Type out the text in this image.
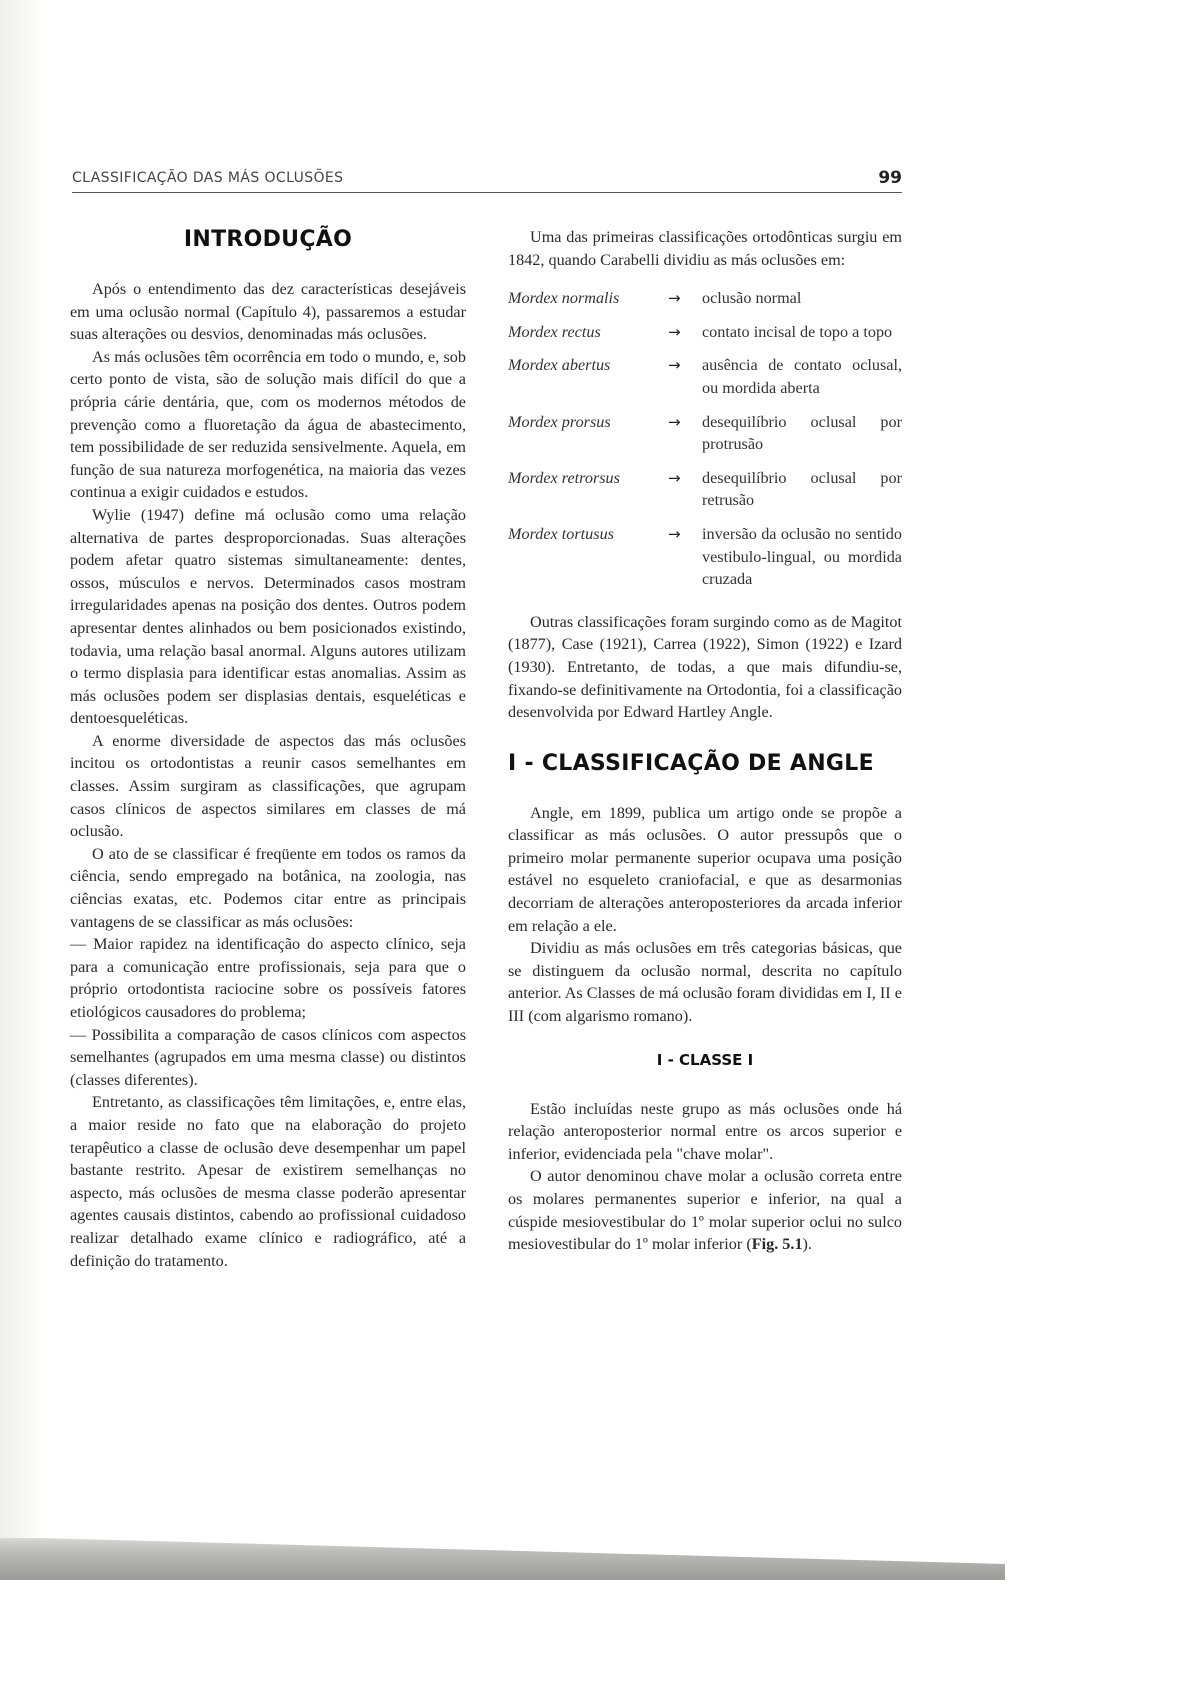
CLASSIFICAÇÃO DAS MÁS OCLUSÕES	99
INTRODUÇÃO

Após o entendimento das dez características desejáveis em uma oclusão normal (Capítulo 4), passaremos a estudar suas alterações ou desvios, denominadas más oclusões.

As más oclusões têm ocorrência em todo o mundo, e, sob certo ponto de vista, são de solução mais difícil do que a própria cárie dentária, que, com os modernos métodos de prevenção como a fluoretação da água de abastecimento, tem possibilidade de ser reduzida sensivelmente. Aquela, em função de sua natureza morfogenética, na maioria das vezes continua a exigir cuidados e estudos.

Wylie (1947) define má oclusão como uma relação alternativa de partes desproporcionadas. Suas alterações podem afetar quatro sistemas simultaneamente: dentes, ossos, músculos e nervos. Determinados casos mostram irregularidades apenas na posição dos dentes. Outros podem apresentar dentes alinhados ou bem posicionados existindo, todavia, uma relação basal anormal. Alguns autores utilizam o termo displasia para identificar estas anomalias. Assim as más oclusões podem ser displasias dentais, esqueléticas e dentoesqueléticas.

A enorme diversidade de aspectos das más oclusões incitou os ortodontistas a reunir casos semelhantes em classes. Assim surgiram as classificações, que agrupam casos clínicos de aspectos similares em classes de má oclusão.

O ato de se classificar é freqüente em todos os ramos da ciência, sendo empregado na botânica, na zoologia, nas ciências exatas, etc. Podemos citar entre as principais vantagens de se classificar as más oclusões:

— Maior rapidez na identificação do aspecto clínico, seja para a comunicação entre profissionais, seja para que o próprio ortodontista raciocine sobre os possíveis fatores etiológicos causadores do problema;

— Possibilita a comparação de casos clínicos com aspectos semelhantes (agrupados em uma mesma classe) ou distintos (classes diferentes).

Entretanto, as classificações têm limitações, e, entre elas, a maior reside no fato que na elaboração do projeto terapêutico a classe de oclusão deve desempenhar um papel bastante restrito. Apesar de existirem semelhanças no aspecto, más oclusões de mesma classe poderão apresentar agentes causais distintos, cabendo ao profissional cuidadoso realizar detalhado exame clínico e radiográfico, até a definição do tratamento.

Uma das primeiras classificações ortodônticas surgiu em 1842, quando Carabelli dividiu as más oclusões em:

Mordex normalis	→	oclusão normal
Mordex rectus	→	contato incisal de topo a topo
Mordex abertus	→	ausência de contato oclusal, ou mordida aberta
Mordex prorsus	→	desequilíbrio oclusal por protrusão
Mordex retrorsus	→	desequilíbrio oclusal por retrusão
Mordex tortusus	→	inversão da oclusão no sentido vestibulo-lingual, ou mordida cruzada

Outras classificações foram surgindo como as de Magitot (1877), Case (1921), Carrea (1922), Simon (1922) e Izard (1930). Entretanto, de todas, a que mais difundiu-se, fixando-se definitivamente na Ortodontia, foi a classificação desenvolvida por Edward Hartley Angle.

I - CLASSIFICAÇÃO DE ANGLE

Angle, em 1899, publica um artigo onde se propõe a classificar as más oclusões. O autor pressupôs que o primeiro molar permanente superior ocupava uma posição estável no esqueleto craniofacial, e que as desarmonias decorriam de alterações anteroposteriores da arcada inferior em relação a ele.

Dividiu as más oclusões em três categorias básicas, que se distinguem da oclusão normal, descrita no capítulo anterior. As Classes de má oclusão foram divididas em I, II e III (com algarismo romano).

I - CLASSE I

Estão incluídas neste grupo as más oclusões onde há relação anteroposterior normal entre os arcos superior e inferior, evidenciada pela "chave molar".

O autor denominou chave molar a oclusão correta entre os molares permanentes superior e inferior, na qual a cúspide mesiovestibular do 1º molar superior oclui no sulco mesiovestibular do 1º molar inferior (Fig. 5.1).
